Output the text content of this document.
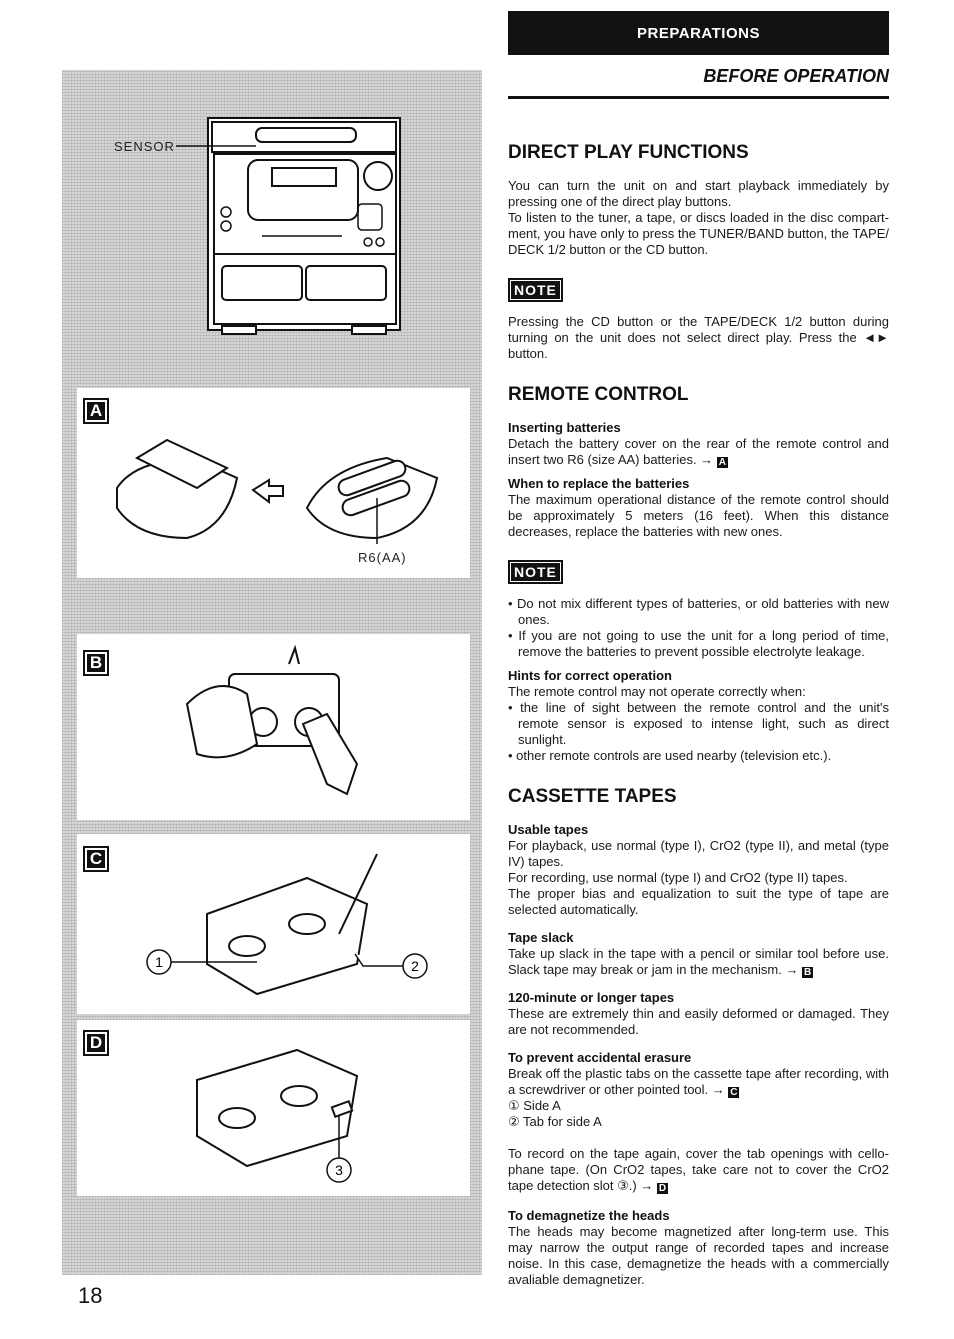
SENSOR
A
R6(AA)
B
C
1	2
D
3
PREPARATIONS
BEFORE OPERATION
DIRECT PLAY FUNCTIONS

You can turn the unit on and start playback immediately by pressing one of the direct play buttons.

To listen to the tuner, a tape, or discs loaded in the disc compart-ment, you have only to press the TUNER/BAND button, the TAPE/ DECK 1/2 button or the CD button.

NOTE

Pressing the CD button or the TAPE/DECK 1/2 button during turning on the unit does not select direct play. Press the ◄► button.

REMOTE CONTROL
Inserting batteries

Detach the battery cover on the rear of the remote control and insert two R6 (size AA) batteries. → A

When to replace the batteries

The maximum operational distance of the remote control should be approximately 5 meters (16 feet). When this distance decreases, replace the batteries with new ones.

NOTE

• Do not mix different types of batteries, or old batteries with new ones.

• If you are not going to use the unit for a long period of time, remove the batteries to prevent possible electrolyte leakage.

Hints for correct operation

The remote control may not operate correctly when:

• the line of sight between the remote control and the unit's remote sensor is exposed to intense light, such as direct sunlight.

• other remote controls are used nearby (television etc.).

CASSETTE TAPES
Usable tapes

For playback, use normal (type I), CrO2 (type II), and metal (type IV) tapes.

For recording, use normal (type I) and CrO2 (type II) tapes.

The proper bias and equalization to suit the type of tape are selected automatically.

Tape slack

Take up slack in the tape with a pencil or similar tool before use. Slack tape may break or jam in the mechanism. → B

120-minute or longer tapes

These are extremely thin and easily deformed or damaged. They are not recommended.

To prevent accidental erasure

Break off the plastic tabs on the cassette tape after recording, with a screwdriver or other pointed tool. → C

① Side A

② Tab for side A

To record on the tape again, cover the tab openings with cello-phane tape. (On CrO2 tapes, take care not to cover the CrO2 tape detection slot ③.) → D

To demagnetize the heads

The heads may become magnetized after long-term use. This may narrow the output range of recorded tapes and increase noise. In this case, demagnetize the heads with a commercially avaliable demagnetizer.

18
